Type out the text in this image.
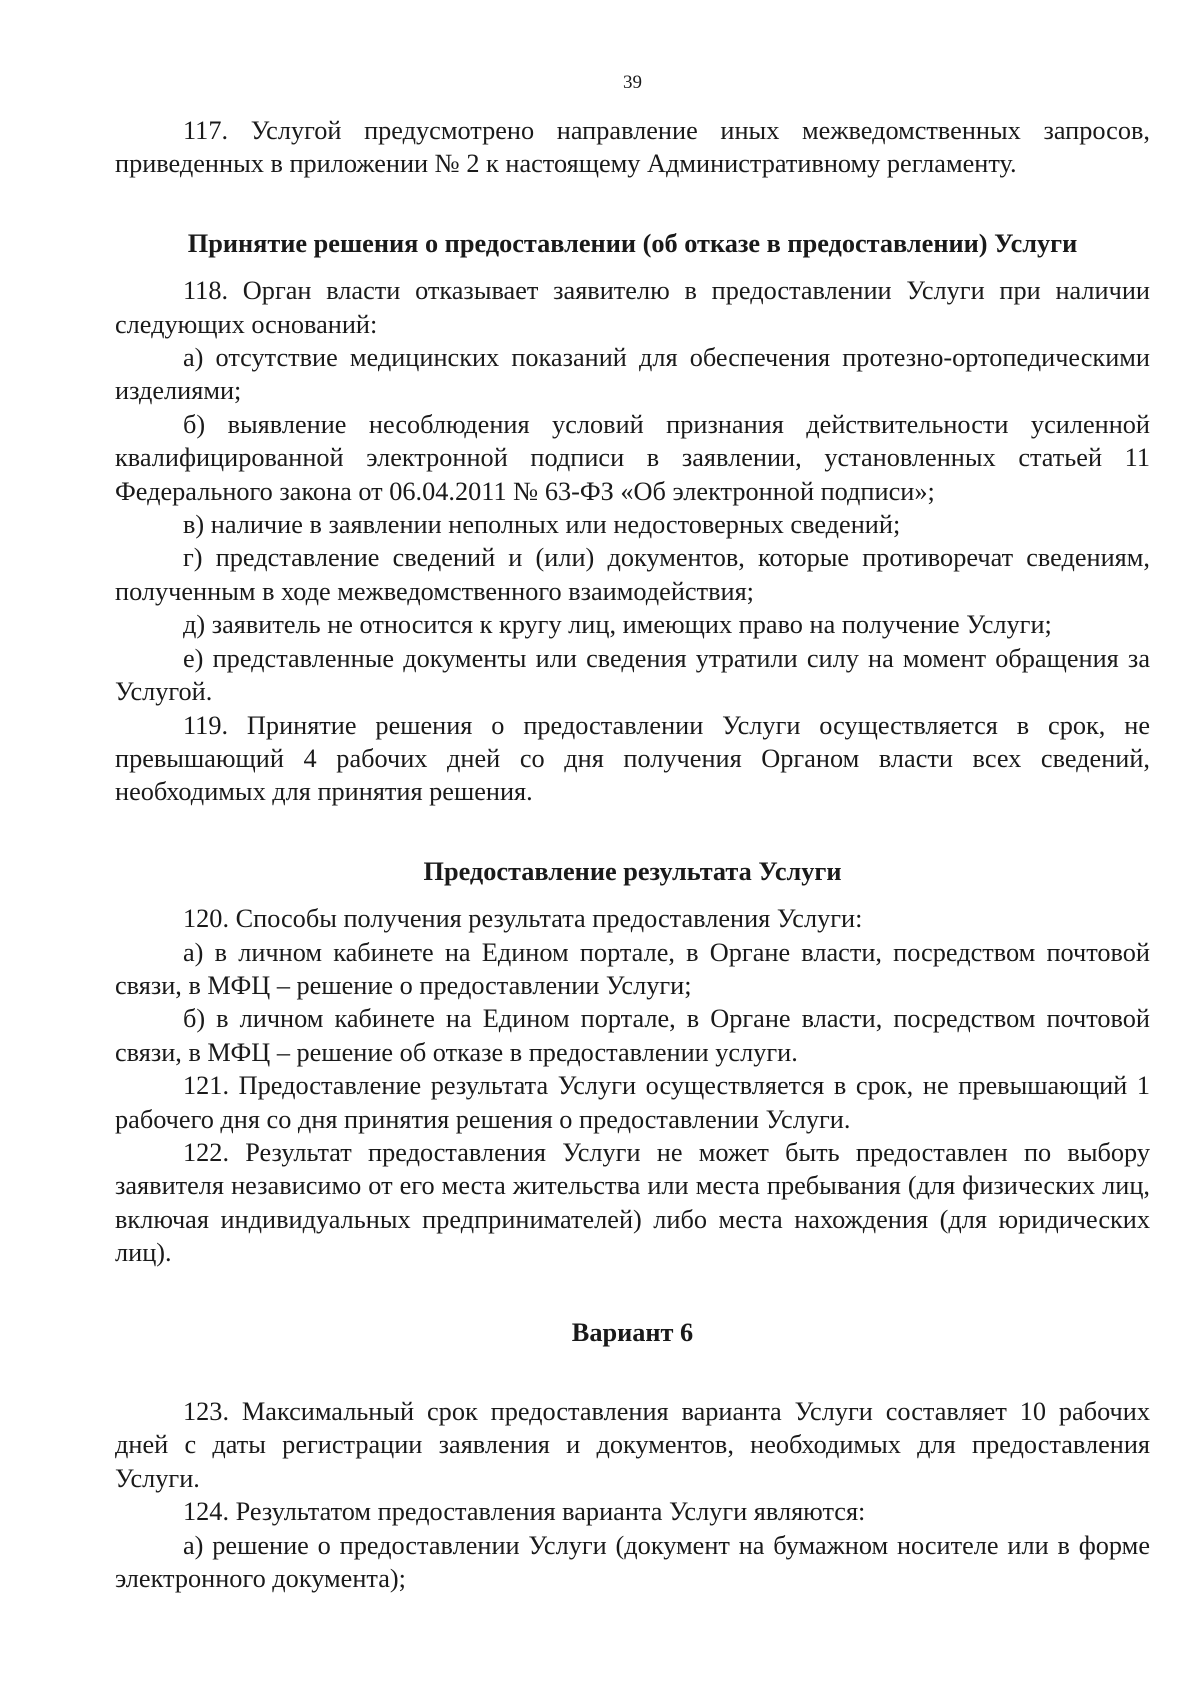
39

117. Услугой предусмотрено направление иных межведомственных запросов, приведенных в приложении № 2 к настоящему Административному регламенту.

Принятие решения о предоставлении (об отказе в предоставлении) Услуги

118. Орган власти отказывает заявителю в предоставлении Услуги при наличии следующих оснований:

а) отсутствие медицинских показаний для обеспечения протезно-ортопедическими изделиями;

б) выявление несоблюдения условий признания действительности усиленной квалифицированной электронной подписи в заявлении, установленных статьей 11 Федерального закона от 06.04.2011 № 63-ФЗ «Об электронной подписи»;

в) наличие в заявлении неполных или недостоверных сведений;

г) представление сведений и (или) документов, которые противоречат сведениям, полученным в ходе межведомственного взаимодействия;

д) заявитель не относится к кругу лиц, имеющих право на получение Услуги;

е) представленные документы или сведения утратили силу на момент обращения за Услугой.

119. Принятие решения о предоставлении Услуги осуществляется в срок, не превышающий 4 рабочих дней со дня получения Органом власти всех сведений, необходимых для принятия решения.

Предоставление результата Услуги

120. Способы получения результата предоставления Услуги:

а) в личном кабинете на Едином портале, в Органе власти, посредством почтовой связи, в МФЦ – решение о предоставлении Услуги;

б) в личном кабинете на Едином портале, в Органе власти, посредством почтовой связи, в МФЦ – решение об отказе в предоставлении услуги.

121. Предоставление результата Услуги осуществляется в срок, не превышающий 1 рабочего дня со дня принятия решения о предоставлении Услуги.

122. Результат предоставления Услуги не может быть предоставлен по выбору заявителя независимо от его места жительства или места пребывания (для физических лиц, включая индивидуальных предпринимателей) либо места нахождения (для юридических лиц).

Вариант 6

123. Максимальный срок предоставления варианта Услуги составляет 10 рабочих дней с даты регистрации заявления и документов, необходимых для предоставления Услуги.

124. Результатом предоставления варианта Услуги являются:

а) решение о предоставлении Услуги (документ на бумажном носителе или в форме электронного документа);
